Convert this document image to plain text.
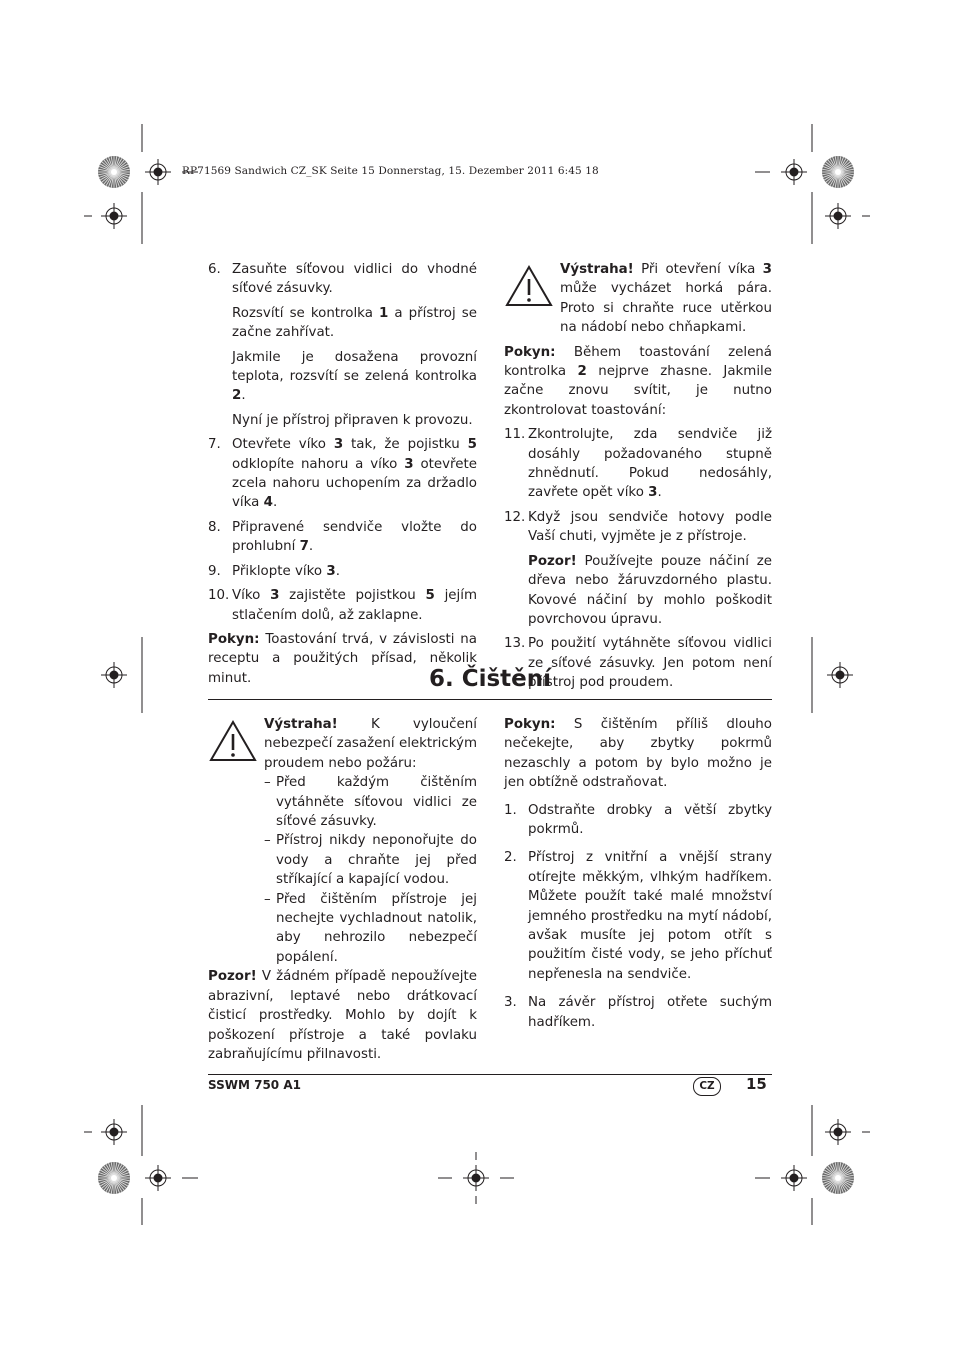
RP71569 Sandwich CZ_SK Seite 15 Donnerstag, 15. Dezember 2011 6:45 18
6. Zasuňte síťovou vidlici do vhodné síťové zásuvky.

Rozsvítí se kontrolka 1 a přístroj se začne zahřívat.

Jakmile je dosažena provozní teplota, rozsvítí se zelená kontrolka 2.

Nyní je přístroj připraven k provozu.

7. Otevřete víko 3 tak, že pojistku 5 odklopíte nahoru a víko 3 otevřete zcela nahoru uchopením za držadlo víka 4.
8. Připravené sendviče vložte do prohlubní 7.
9. Přiklopte víko 3.
10. Víko 3 zajistěte pojistkou 5 jejím stlačením dolů, až zaklapne.

Pokyn: Toastování trvá, v závislosti na receptu a použitých přísad, několik minut.

Výstraha! Při otevření víka 3 může vycházet horká pára. Proto si chraňte ruce utěrkou na nádobí nebo chňapkami.

Pokyn: Během toastování zelená kontrolka 2 nejprve zhasne. Jakmile začne znovu svítit, je nutno zkontrolovat toastování:

11. Zkontrolujte, zda sendviče již dosáhly požadovaného stupně zhnědnutí. Pokud nedosáhly, zavřete opět víko 3.
12. Když jsou sendviče hotovy podle Vaší chuti, vyjměte je z přístroje.

Pozor! Používejte pouze náčiní ze dřeva nebo žáruvzdorného plastu. Kovové náčiní by mohlo poškodit povrchovou úpravu.

13. Po použití vytáhněte síťovou vidlici ze síťové zásuvky. Jen potom není přístroj pod proudem.
6. Čištění

Výstraha! K vyloučení nebezpečí zasažení elektrickým proudem nebo požáru:

– Před každým čištěním vytáhněte síťovou vidlici ze síťové zásuvky.
– Přístroj nikdy neponořujte do vody a chraňte jej před stříkající a kapající vodou.
– Před čištěním přístroje jej nechejte vychladnout natolik, aby nehrozilo nebezpečí popálení.

Pozor! V žádném případě nepoužívejte abrazivní, leptavé nebo drátkovací čisticí prostředky. Mohlo by dojít k poškození přístroje a také povlaku zabraňujícímu přilnavosti.

Pokyn: S čištěním příliš dlouho nečekejte, aby zbytky pokrmů nezaschly a potom by bylo možno je jen obtížně odstraňovat.

1. Odstraňte drobky a větší zbytky pokrmů.
2. Přístroj z vnitřní a vnější strany otírejte měkkým, vlhkým hadříkem. Můžete použít také malé množství jemného prostředku na mytí nádobí, avšak musíte jej potom otřít s použitím čisté vody, se jeho příchuť nepřenesla na sendviče.
3. Na závěr přístroj otřete suchým hadříkem.
SSWM 750 A1	CZ	15
